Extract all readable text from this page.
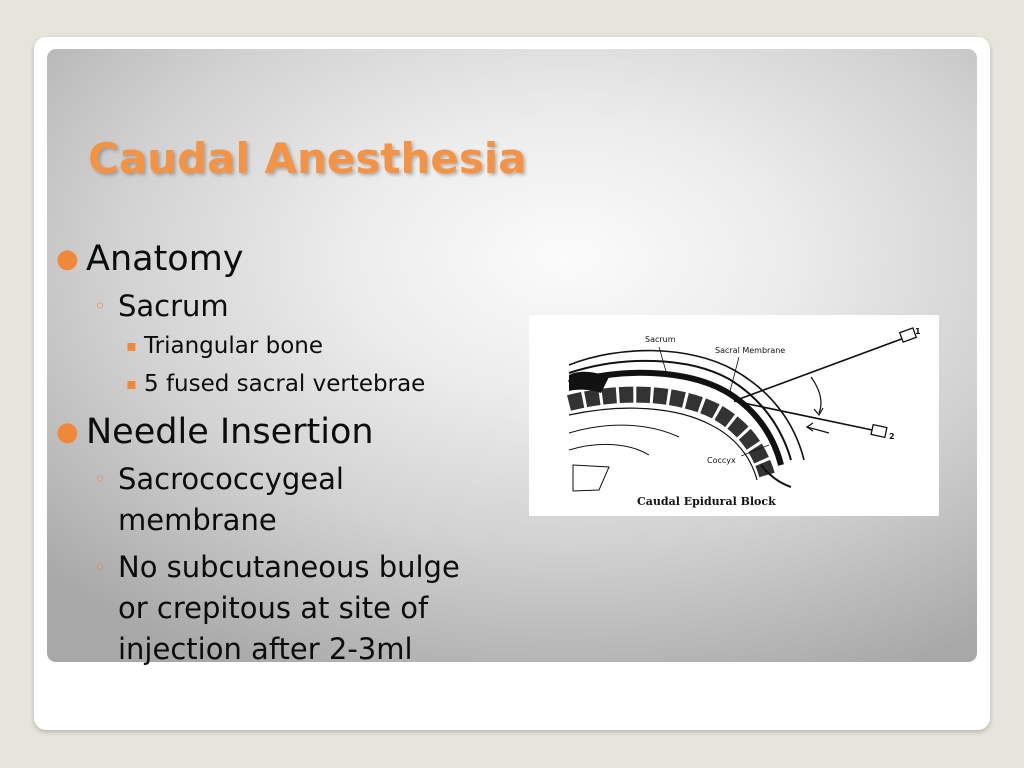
Caudal Anesthesia
● Anatomy
◦ Sacrum
▪ Triangular bone
▪ 5 fused sacral vertebrae
● Needle Insertion
◦ Sacrococcygeal
membrane
◦ No subcutaneous bulge
or crepitous at site of
injection after 2-3ml
1
2
Sacrum
Sacral Membrane
Coccyx
Caudal Epidural Block
